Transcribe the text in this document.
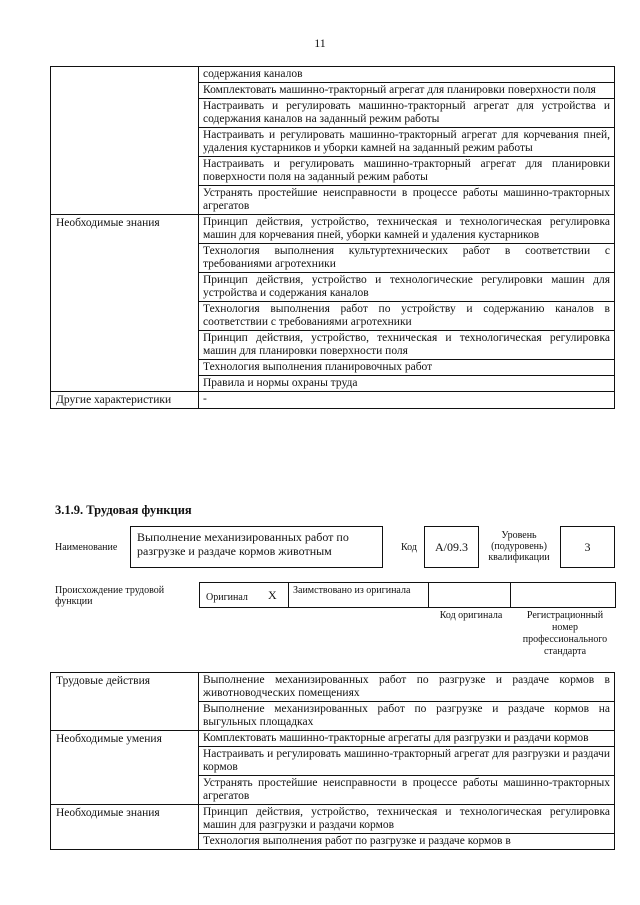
11
	содержания каналов
	Комплектовать машинно-тракторный агрегат для планировки поверхности поля
	Настраивать и регулировать машинно-тракторный агрегат для устройства и содержания каналов на заданный режим работы
	Настраивать и регулировать машинно-тракторный агрегат для корчевания пней, удаления кустарников и уборки камней на заданный режим работы
	Настраивать и регулировать машинно-тракторный агрегат для планировки поверхности поля на заданный режим работы
	Устранять простейшие неисправности в процессе работы машинно-тракторных агрегатов
Необходимые знания	Принцип действия, устройство, техническая и технологическая регулировка машин для корчевания пней, уборки камней и удаления кустарников
	Технология выполнения культуртехнических работ в соответствии с требованиями агротехники
	Принцип действия, устройство и технологические регулировки машин для устройства и содержания каналов
	Технология выполнения работ по устройству и содержанию каналов в соответствии с требованиями агротехники
	Принцип действия, устройство, техническая и технологическая регулировка машин для планировки поверхности поля
	Технология выполнения планировочных работ
	Правила и нормы охраны труда
Другие характеристики	-
3.1.9. Трудовая функция
Наименование
Выполнение механизированных работ по разгрузке и раздаче кормов животным	Код	А/09.3
Уровень (подуровень) квалификации
3
Происхождение трудовой функции	Оригинал X Заимствовано из оригинала
Код оригинала	Регистрационный номер профессионального стандарта
Трудовые действия	Выполнение механизированных работ по разгрузке и раздаче кормов в животноводческих помещениях
	Выполнение механизированных работ по разгрузке и раздаче кормов на выгульных площадках
Необходимые умения	Комплектовать машинно-тракторные агрегаты для разгрузки и раздачи кормов
	Настраивать и регулировать машинно-тракторный агрегат для разгрузки и раздачи кормов
	Устранять простейшие неисправности в процессе работы машинно-тракторных агрегатов
Необходимые знания	Принцип действия, устройство, техническая и технологическая регулировка машин для разгрузки и раздачи кормов
	Технология выполнения работ по разгрузке и раздаче кормов в
